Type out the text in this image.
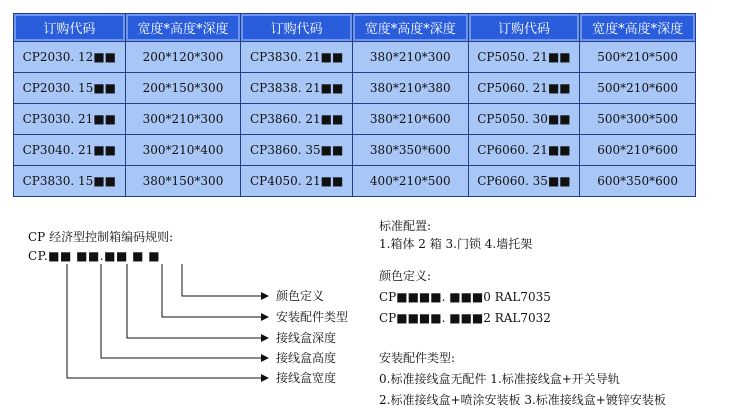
订购代码	宽度*高度*深度	订购代码	宽度*高度*深度	订购代码	宽度*高度*深度
CP2030. 12■■	200*120*300	CP3830. 21■■	380*210*300	CP5050. 21■■	500*210*500
CP2030. 15■■	200*150*300	CP3838. 21■■	380*210*380	CP5060. 21■■	500*210*600
CP3030. 21■■	300*210*300	CP3860. 21■■	380*210*600	CP5050. 30■■	500*300*500
CP3040. 21■■	300*210*400	CP3860. 35■■	380*350*600	CP6060. 21■■	600*210*600
CP3830. 15■■	380*150*300	CP4050. 21■■	400*210*500	CP6060. 35■■	600*350*600
CP 经济型控制箱编码规则:
CP.■■ ■■.■■ ■ ■
颜色定义
安装配件类型
接线盒深度
接线盒高度
接线盒宽度
标准配置:
1.箱体 2 箱 3.门锁 4.墙托架
颜色定义:
CP■■■■. ■■■0 RAL7035
CP■■■■. ■■■2 RAL7032
安装配件类型:
0.标准接线盒无配件 1.标准接线盒+开关导轨
2.标准接线盒+喷涂安装板 3.标准接线盒+镀锌安装板
